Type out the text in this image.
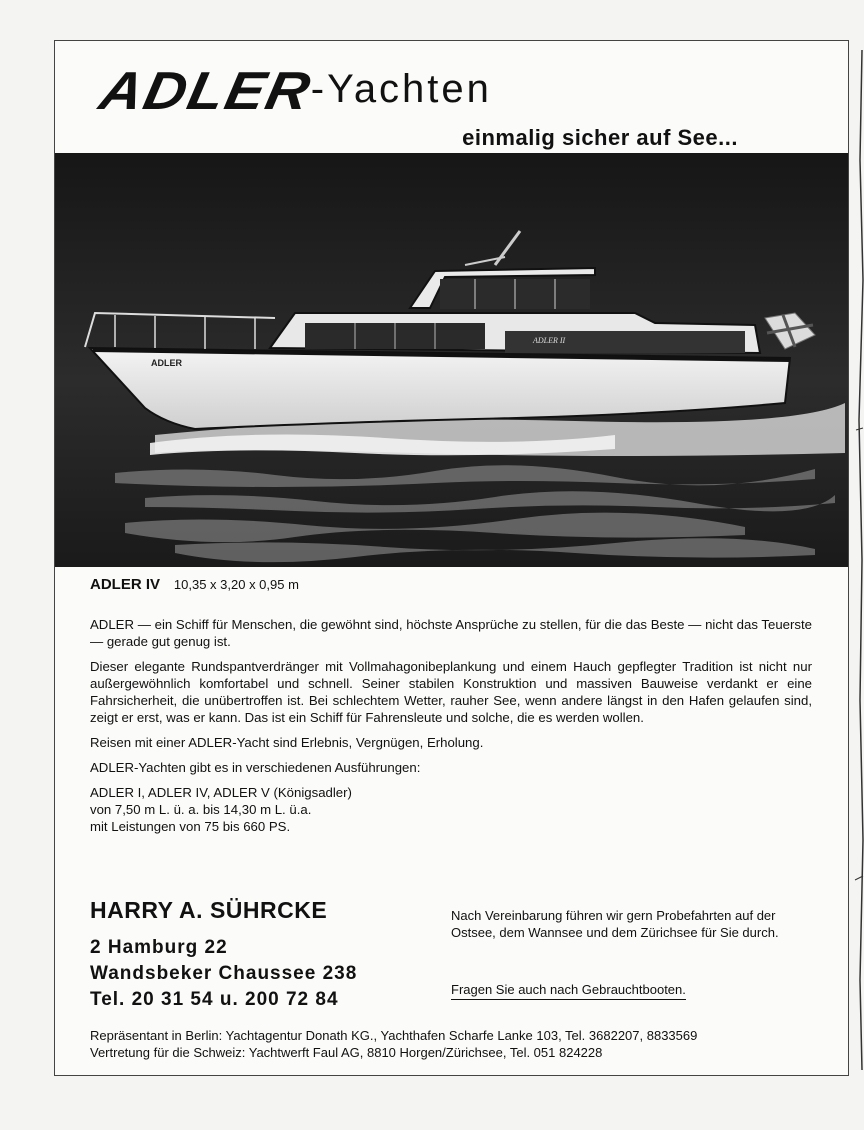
ADLER-Yachten
einmalig sicher auf See...
ADLER
ADLER II
ADLER IV 10,35 x 3,20 x 0,95 m

ADLER — ein Schiff für Menschen, die gewöhnt sind, höchste Ansprüche zu stellen, für die das Beste — nicht das Teuerste — gerade gut genug ist.

Dieser elegante Rundspantverdränger mit Vollmahagonibeplankung und einem Hauch gepflegter Tradition ist nicht nur außergewöhnlich komfortabel und schnell. Seiner stabilen Konstruktion und massiven Bauweise verdankt er eine Fahrsicherheit, die unübertroffen ist. Bei schlechtem Wetter, rauher See, wenn andere längst in den Hafen gelaufen sind, zeigt er erst, was er kann. Das ist ein Schiff für Fahrensleute und solche, die es werden wollen.

Reisen mit einer ADLER-Yacht sind Erlebnis, Vergnügen, Erholung.

ADLER-Yachten gibt es in verschiedenen Ausführungen:

ADLER I, ADLER IV, ADLER V (Königsadler)
von 7,50 m L. ü. a. bis 14,30 m L. ü.a.
mit Leistungen von 75 bis 660 PS.

HARRY A. SÜHRCKE
2 Hamburg 22
Wandsbeker Chaussee 238
Tel. 20 31 54 u. 200 72 84
Nach Vereinbarung führen wir gern Probefahrten auf der Ostsee, dem Wannsee und dem Zürichsee für Sie durch.
Fragen Sie auch nach Gebrauchtbooten.
Repräsentant in Berlin: Yachtagentur Donath KG., Yachthafen Scharfe Lanke 103, Tel. 3682207, 8833569
Vertretung für die Schweiz: Yachtwerft Faul AG, 8810 Horgen/Zürichsee, Tel. 051 824228
